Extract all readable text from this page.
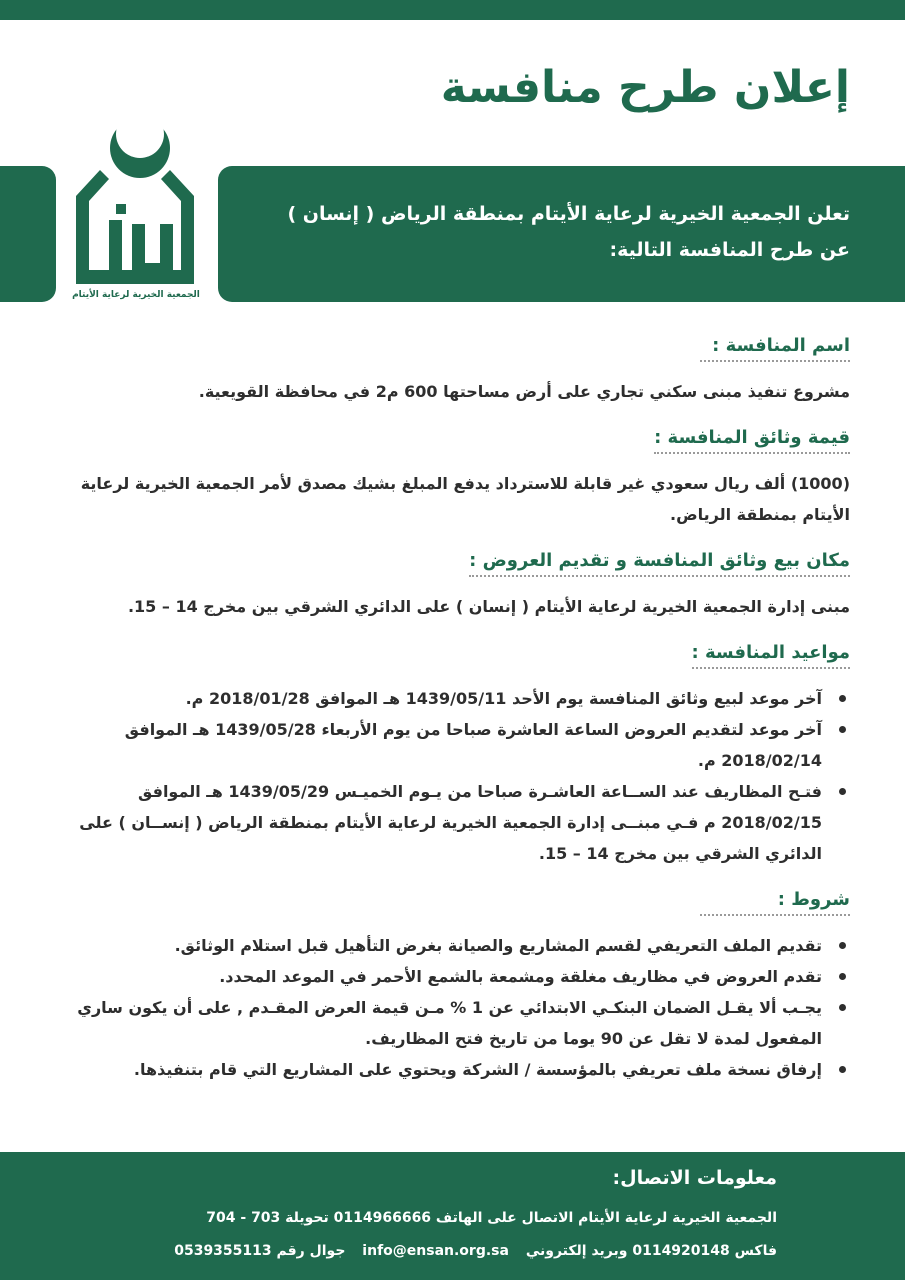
إعلان طرح منافسة

تعلن الجمعية الخيرية لرعاية الأيتام بمنطقة الرياض ( إنسان )
عن طرح المنافسة التالية:

الجمعية الخيرية لرعاية الأيتام

اسم المنافسة :

مشروع تنفيذ مبنى سكني تجاري على أرض مساحتها 600 م2 في محافظة القويعية.

قيمة وثائق المنافسة :

(1000) ألف ريال سعودي غير قابلة للاسترداد يدفع المبلغ بشيك مصدق لأمر الجمعية الخيرية لرعاية الأيتام بمنطقة الرياض.

مكان بيع وثائق المنافسة و تقديم العروض :

مبنى إدارة الجمعية الخيرية لرعاية الأيتام ( إنسان ) على الدائري الشرقي بين مخرج 14 – 15.

مواعيد المنافسة :
آخر موعد لبيع وثائق المنافسة يوم الأحد 1439/05/11 هـ الموافق 2018/01/28 م.
آخر موعد لتقديم العروض الساعة العاشرة صباحا من يوم الأربعاء 1439/05/28 هـ الموافق 2018/02/14 م.
فتـح المظاريف عند الســاعة العاشـرة صباحا من يـوم الخميـس 1439/05/29 هـ الموافق 2018/02/15 م فـي مبنــى إدارة الجمعية الخيرية لرعاية الأيتام بمنطقة الرياض ( إنســان ) على الدائري الشرقي بين مخرج 14 – 15.
شروط :
تقديم الملف التعريفي لقسم المشاريع والصيانة بغرض التأهيل قبل استلام الوثائق.
تقدم العروض في مظاريف مغلقة ومشمعة بالشمع الأحمر في الموعد المحدد.
يجـب ألا يقـل الضمان البنكـي الابتدائي عن 1 % مـن قيمة العرض المقـدم , على أن يكون ساري المفعول لمدة لا تقل عن 90 يوما من تاريخ فتح المظاريف.
إرفاق نسخة ملف تعريفي بالمؤسسة / الشركة ويحتوي على المشاريع التي قام بتنفيذها.

معلومات الاتصال:

الجمعية الخيرية لرعاية الأيتام الاتصال على الهاتف 0114966666 تحويلة 703 - 704

فاكس 0114920148 وبريد إلكتروني info@ensan.org.sa جوال رقم 0539355113
